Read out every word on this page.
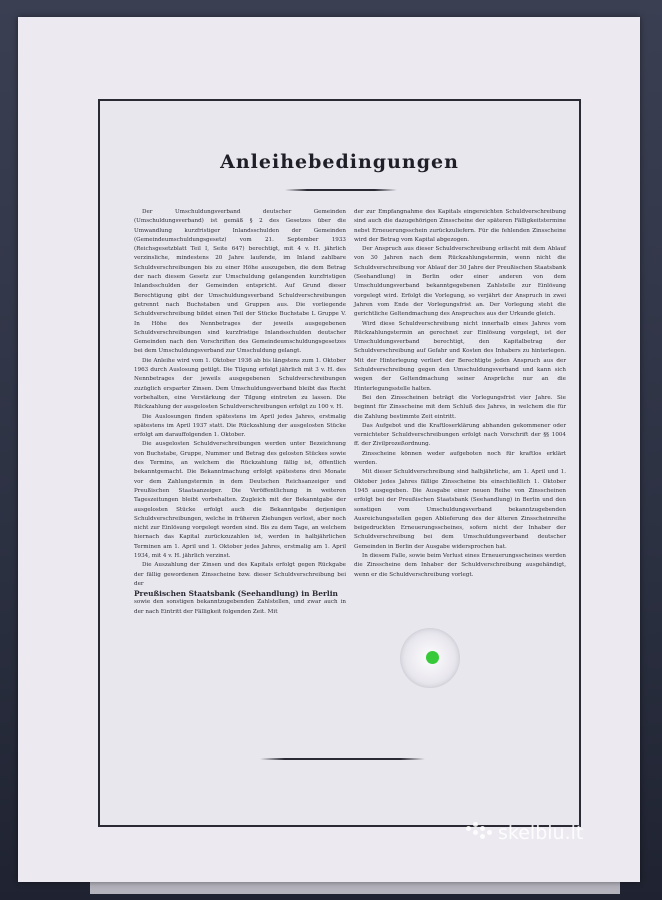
Anleihebedingungen

Der Umschuldungsverband deutscher Gemeinden (Umschuldungsverband) ist gemäß § 2 des Gesetzes über die Umwandlung kurzfristiger Inlandsschulden der Gemeinden (Gemeindeumschuldungsgesetz) vom 21. September 1933 (Reichsgesetzblatt Teil I, Seite 647) berechtigt, mit 4 v. H. jährlich verzinsliche, mindestens 20 Jahre laufende, im Inland zahlbare Schuldverschreibungen bis zu einer Höhe auszugeben, die dem Betrag der nach diesem Gesetz zur Umschuldung gelangenden kurzfristigen Inlandsschulden der Gemeinden entspricht. Auf Grund dieser Berechtigung gibt der Umschuldungsverband Schuldverschreibungen getrennt nach Buchstaben und Gruppen aus. Die vorliegende Schuldverschreibung bildet einen Teil der Stücke Buchstabe L Gruppe V. In Höhe des Nennbetrages der jeweils ausgegebenen Schuldverschreibungen sind kurzfristige Inlandsschulden deutscher Gemeinden nach den Vorschriften des Gemeindeumschuldungsgesetzes bei dem Umschuldungsverband zur Umschuldung gelangt.

Die Anleihe wird vom 1. Oktober 1936 ab bis längstens zum 1. Oktober 1963 durch Auslosung getilgt. Die Tilgung erfolgt jährlich mit 3 v. H. des Nennbetrages der jeweils ausgegebenen Schuldverschreibungen zuzüglich ersparter Zinsen. Dem Umschuldungsverband bleibt das Recht vorbehalten, eine Verstärkung der Tilgung eintreten zu lassen. Die Rückzahlung der ausgelosten Schuldverschreibungen erfolgt zu 100 v. H.

Die Auslosungen finden spätestens im April jedes Jahres, erstmalig spätestens im April 1937 statt. Die Rückzahlung der ausgelosten Stücke erfolgt am darauffolgenden 1. Oktober.

Die ausgelosten Schuldverschreibungen werden unter Bezeichnung von Buchstabe, Gruppe, Nummer und Betrag des gelosten Stückes sowie des Termins, an welchem die Rückzahlung fällig ist, öffentlich bekanntgemacht. Die Bekanntmachung erfolgt spätestens drei Monate vor dem Zahlungstermin in dem Deutschen Reichsanzeiger und Preußischen Staatsanzeiger. Die Veröffentlichung in weiteren Tageszeitungen bleibt vorbehalten. Zugleich mit der Bekanntgabe der ausgelosten Stücke erfolgt auch die Bekanntgabe derjenigen Schuldverschreibungen, welche in früheren Ziehungen verlost, aber noch nicht zur Einlösung vorgelegt worden sind. Bis zu dem Tage, an welchem hiernach das Kapital zurückzuzahlen ist, werden in halbjährlichen Terminen am 1. April und 1. Oktober jedes Jahres, erstmalig am 1. April 1934, mit 4 v. H. jährlich verzinst.

Die Auszahlung der Zinsen und des Kapitals erfolgt gegen Rückgabe der fällig gewordenen Zinsscheine bzw. dieser Schuldverschreibung bei der

Preußischen Staatsbank (Seehandlung) in Berlin

sowie den sonstigen bekanntzugebenden Zahlstellen, und zwar auch in der nach Eintritt der Fälligkeit folgenden Zeit. Mit

der zur Empfangnahme des Kapitals eingereichten Schuldverschreibung sind auch die dazugehörigen Zinsscheine der späteren Fälligkeitstermine nebst Erneuerungsschein zurückzuliefern. Für die fehlenden Zinsscheine wird der Betrag vom Kapital abgezogen.

Der Anspruch aus dieser Schuldverschreibung erlischt mit dem Ablauf von 30 Jahren nach dem Rückzahlungstermin, wenn nicht die Schuldverschreibung vor Ablauf der 30 Jahre der Preußischen Staatsbank (Seehandlung) in Berlin oder einer anderen von dem Umschuldungsverband bekanntgegebenen Zahlstelle zur Einlösung vorgelegt wird. Erfolgt die Vorlegung, so verjährt der Anspruch in zwei Jahren vom Ende der Vorlegungsfrist an. Der Vorlegung steht die gerichtliche Geltendmachung des Anspruches aus der Urkunde gleich.

Wird diese Schuldverschreibung nicht innerhalb eines Jahres vom Rückzahlungstermin an gerechnet zur Einlösung vorgelegt, ist der Umschuldungsverband berechtigt, den Kapitalbetrag der Schuldverschreibung auf Gefahr und Kosten des Inhabers zu hinterlegen. Mit der Hinterlegung verliert der Berechtigte jeden Anspruch aus der Schuldverschreibung gegen den Umschuldungsverband und kann sich wegen der Geltendmachung seiner Ansprüche nur an die Hinterlegungsstelle halten.

Bei den Zinsscheinen beträgt die Vorlegungsfrist vier Jahre. Sie beginnt für Zinsscheine mit dem Schluß des Jahres, in welchem die für die Zahlung bestimmte Zeit eintritt.

Das Aufgebot und die Kraftloserklärung abhanden gekommener oder vernichteter Schuldverschreibungen erfolgt nach Vorschrift der §§ 1004 ff. der Zivilprozeßordnung.

Zinsscheine können weder aufgeboten noch für kraftlos erklärt werden.

Mit dieser Schuldverschreibung sind halbjährliche, am 1. April und 1. Oktober jedes Jahres fällige Zinsscheine bis einschließlich 1. Oktober 1945 ausgegeben. Die Ausgabe einer neuen Reihe von Zinsscheinen erfolgt bei der Preußischen Staatsbank (Seehandlung) in Berlin und den sonstigen vom Umschuldungsverband bekanntzugebenden Ausreichungsstellen gegen Ablieferung des der älteren Zinsscheinreihe beigedruckten Erneuerungsscheines, sofern nicht der Inhaber der Schuldverschreibung bei dem Umschuldungsverband deutscher Gemeinden in Berlin der Ausgabe widersprochen hat.

In diesem Falle, sowie beim Verlust eines Erneuerungsscheines werden die Zinsscheine dem Inhaber der Schuldverschreibung ausgehändigt, wenn er die Schuldverschreibung vorlegt.

skelbiu.lt
